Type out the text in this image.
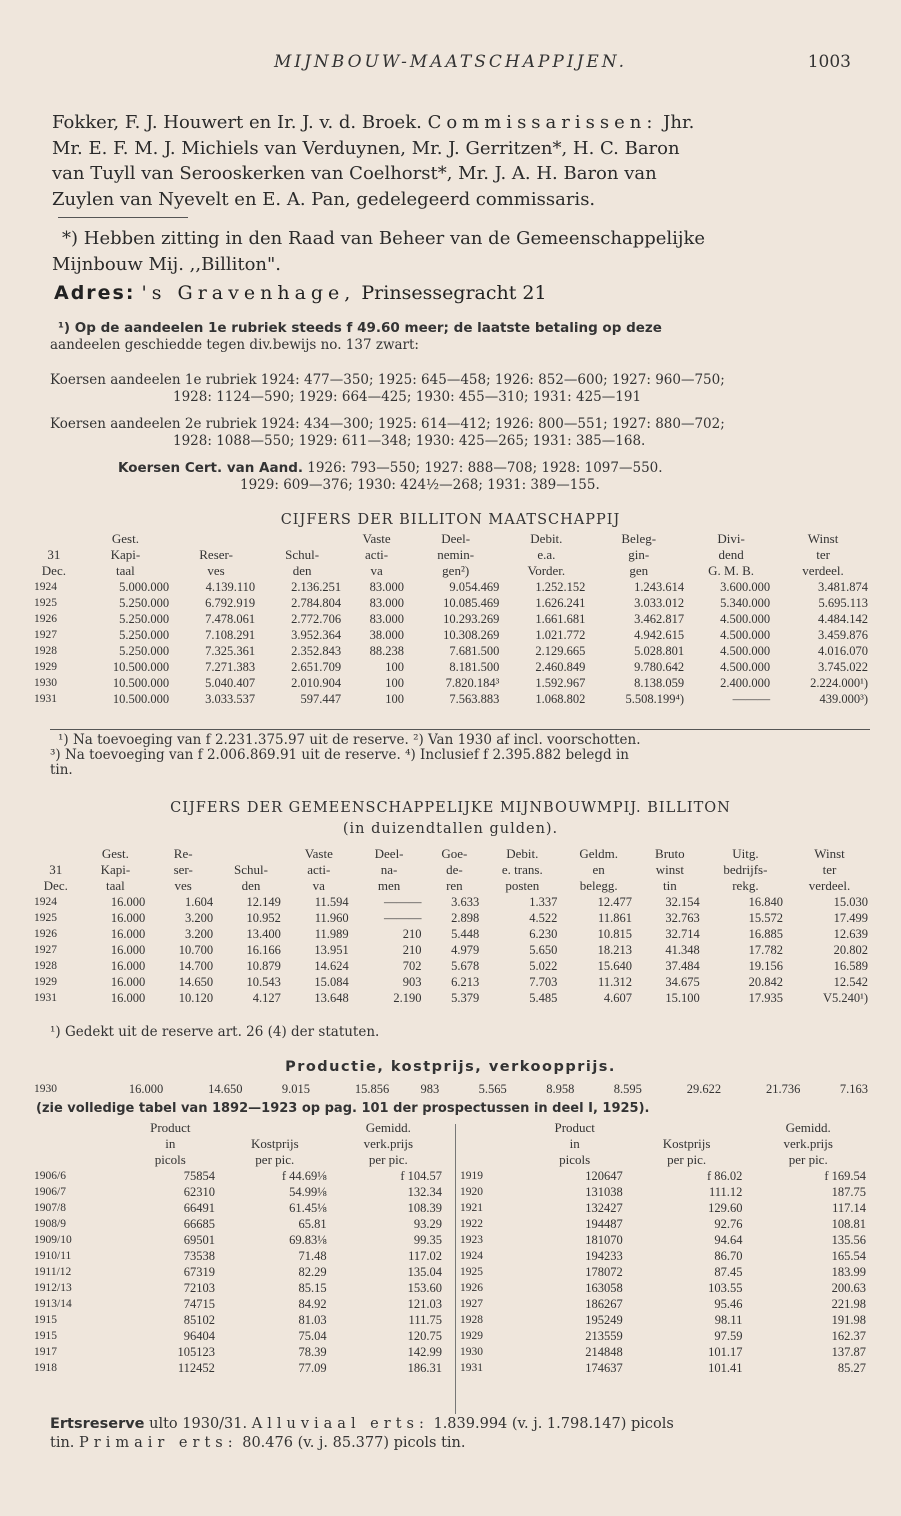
MIJNBOUW-MAATSCHAPPIJEN.	1003
Fokker, F. J. Houwert en Ir. J. v. d. Broek. Commissarissen: Jhr.
Mr. E. F. M. J. Michiels van Verduynen, Mr. J. Gerritzen*, H. C. Baron
van Tuyll van Serooskerken van Coelhorst*, Mr. J. A. H. Baron van
Zuylen van Nyevelt en E. A. Pan, gedelegeerd commissaris.
*) Hebben zitting in den Raad van Beheer van de Gemeenschappelijke
Mijnbouw Mij. ,,Billiton".
Adres: 's Gravenhage, Prinsessegracht 21
¹) Op de aandeelen 1e rubriek steeds f 49.60 meer; de laatste betaling op deze
aandeelen geschiedde tegen div.bewijs no. 137 zwart:
Koersen aandeelen 1e rubriek 1924: 477—350; 1925: 645—458; 1926: 852—600; 1927: 960—750;
1928: 1124—590; 1929: 664—425; 1930: 455—310; 1931: 425—191
Koersen aandeelen 2e rubriek 1924: 434—300; 1925: 614—412; 1926: 800—551; 1927: 880—702;
1928: 1088—550; 1929: 611—348; 1930: 425—265; 1931: 385—168.
Koersen Cert. van Aand. 1926: 793—550; 1927: 888—708; 1928: 1097—550.
1929: 609—376; 1930: 424½—268; 1931: 389—155.
CIJFERS DER BILLITON MAATSCHAPPIJ
	Gest.			Vaste	Deel-	Debit.	Beleg-	Divi-	Winst
31	Kapi-	Reser-	Schul-	acti-	nemin-	e.a.	gin-	dend	ter
Dec.	taal	ves	den	va	gen²)	Vorder.	gen	G. M. B.	verdeel.
1924	5.000.000	4.139.110	2.136.251	83.000	9.054.469	1.252.152	1.243.614	3.600.000	3.481.874
1925	5.250.000	6.792.919	2.784.804	83.000	10.085.469	1.626.241	3.033.012	5.340.000	5.695.113
1926	5.250.000	7.478.061	2.772.706	83.000	10.293.269	1.661.681	3.462.817	4.500.000	4.484.142
1927	5.250.000	7.108.291	3.952.364	38.000	10.308.269	1.021.772	4.942.615	4.500.000	3.459.876
1928	5.250.000	7.325.361	2.352.843	88.238	7.681.500	2.129.665	5.028.801	4.500.000	4.016.070
1929	10.500.000	7.271.383	2.651.709	100	8.181.500	2.460.849	9.780.642	4.500.000	3.745.022
1930	10.500.000	5.040.407	2.010.904	100	7.820.184³	1.592.967	8.138.059	2.400.000	2.224.000¹)
1931	10.500.000	3.033.537	597.447	100	7.563.883	1.068.802	5.508.199⁴)	———	439.000³)
¹) Na toevoeging van f 2.231.375.97 uit de reserve. ²) Van 1930 af incl. voorschotten.
³) Na toevoeging van f 2.006.869.91 uit de reserve. ⁴) Inclusief f 2.395.882 belegd in
tin.
CIJFERS DER GEMEENSCHAPPELIJKE MIJNBOUWMPIJ. BILLITON
(in duizendtallen gulden).
	Gest.	Re-		Vaste	Deel-	Goe-	Debit.	Geldm.	Bruto	Uitg.	Winst
31	Kapi-	ser-	Schul-	acti-	na-	de-	e. trans.	en	winst	bedrijfs-	ter
Dec.	taal	ves	den	va	men	ren	posten	belegg.	tin	rekg.	verdeel.
1924	16.000	1.604	12.149	11.594	———	3.633	1.337	12.477	32.154	16.840	15.030
1925	16.000	3.200	10.952	11.960	———	2.898	4.522	11.861	32.763	15.572	17.499
1926	16.000	3.200	13.400	11.989	210	5.448	6.230	10.815	32.714	16.885	12.639
1927	16.000	10.700	16.166	13.951	210	4.979	5.650	18.213	41.348	17.782	20.802
1928	16.000	14.700	10.879	14.624	702	5.678	5.022	15.640	37.484	19.156	16.589
1929	16.000	14.650	10.543	15.084	903	6.213	7.703	11.312	34.675	20.842	12.542
1931	16.000	10.120	4.127	13.648	2.190	5.379	5.485	4.607	15.100	17.935	V5.240¹)
¹) Gedekt uit de reserve art. 26 (4) der statuten.
Productie, kostprijs, verkoopprijs.
1930	16.000	14.650	9.015	15.856	983	5.565	8.958	8.595	29.622	21.736	7.163
(zie volledige tabel van 1892—1923 op pag. 101 der prospectussen in deel I, 1925).
	Product		Gemidd.
	in	Kostprijs	verk.prijs
	picols	per pic.	per pic.
1906/6	75854	f 44.69⅛	f 104.57
1906/7	62310	54.99⅛	132.34
1907/8	66491	61.45⅛	108.39
1908/9	66685	65.81	93.29
1909/10	69501	69.83⅛	99.35
1910/11	73538	71.48	117.02
1911/12	67319	82.29	135.04
1912/13	72103	85.15	153.60
1913/14	74715	84.92	121.03
1915	85102	81.03	111.75
1915	96404	75.04	120.75
1917	105123	78.39	142.99
1918	112452	77.09	186.31
	Product		Gemidd.
	in	Kostprijs	verk.prijs
	picols	per pic.	per pic.
1919	120647	f 86.02	f 169.54
1920	131038	111.12	187.75
1921	132427	129.60	117.14
1922	194487	92.76	108.81
1923	181070	94.64	135.56
1924	194233	86.70	165.54
1925	178072	87.45	183.99
1926	163058	103.55	200.63
1927	186267	95.46	221.98
1928	195249	98.11	191.98
1929	213559	97.59	162.37
1930	214848	101.17	137.87
1931	174637	101.41	85.27
Ertsreserve ulto 1930/31. Alluviaal erts: 1.839.994 (v. j. 1.798.147) picols
tin. Primair erts: 80.476 (v. j. 85.377) picols tin.
